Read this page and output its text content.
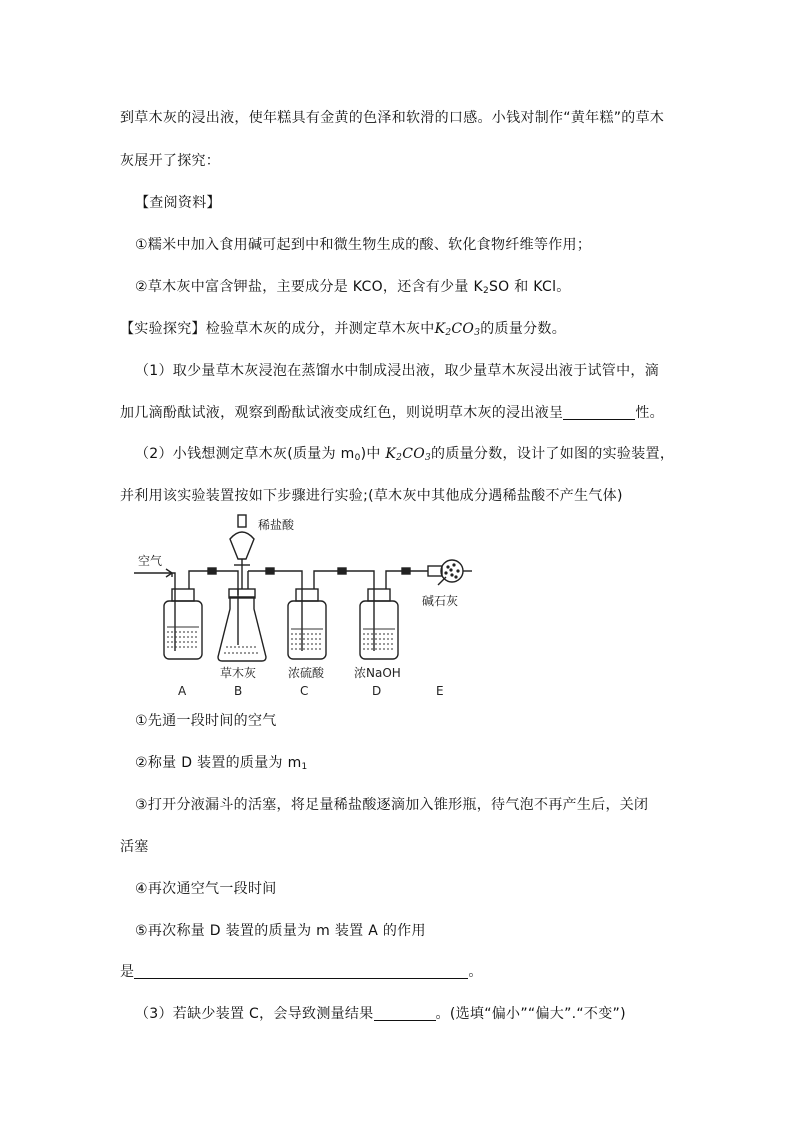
到草木灰的浸出液，使年糕具有金黄的色泽和软滑的口感。小钱对制作“黄年糕”的草木
灰展开了探究：
【查阅资料】
①糯米中加入食用碱可起到中和微生物生成的酸、软化食物纤维等作用；
②草木灰中富含钾盐，主要成分是 KCO，还含有少量 $K_2SO$ 和 KCl。
【实验探究】检验草木灰的成分，并测定草木灰中$K_2CO_3$的质量分数。
（1）取少量草木灰浸泡在蒸馏水中制成浸出液，取少量草木灰浸出液于试管中，滴
加几滴酚酞试液，观察到酚酞试液变成红色，则说明草木灰的浸出液呈	性。
（2）小钱想测定草木灰(质量为 $m_0$)中 $K_2CO_3$的质量分数，设计了如图的实验装置，
并利用该实验装置按如下步骤进行实验;(草木灰中其他成分遇稀盐酸不产生气体)
空气
稀盐酸
碱石灰
草木灰	浓硫酸 浓NaOH
A	B	C	D	E
①先通一段时间的空气
②称量 D 装置的质量为 $m_1$
③打开分液漏斗的活塞，将足量稀盐酸逐滴加入锥形瓶，待气泡不再产生后，关闭
活塞
④再次通空气一段时间
⑤再次称量 D 装置的质量为 m 装置 A 的作用
是	。
（3）若缺少装置 C，会导致测量结果	。(选填“偏小”“偏大”.“不变”)
